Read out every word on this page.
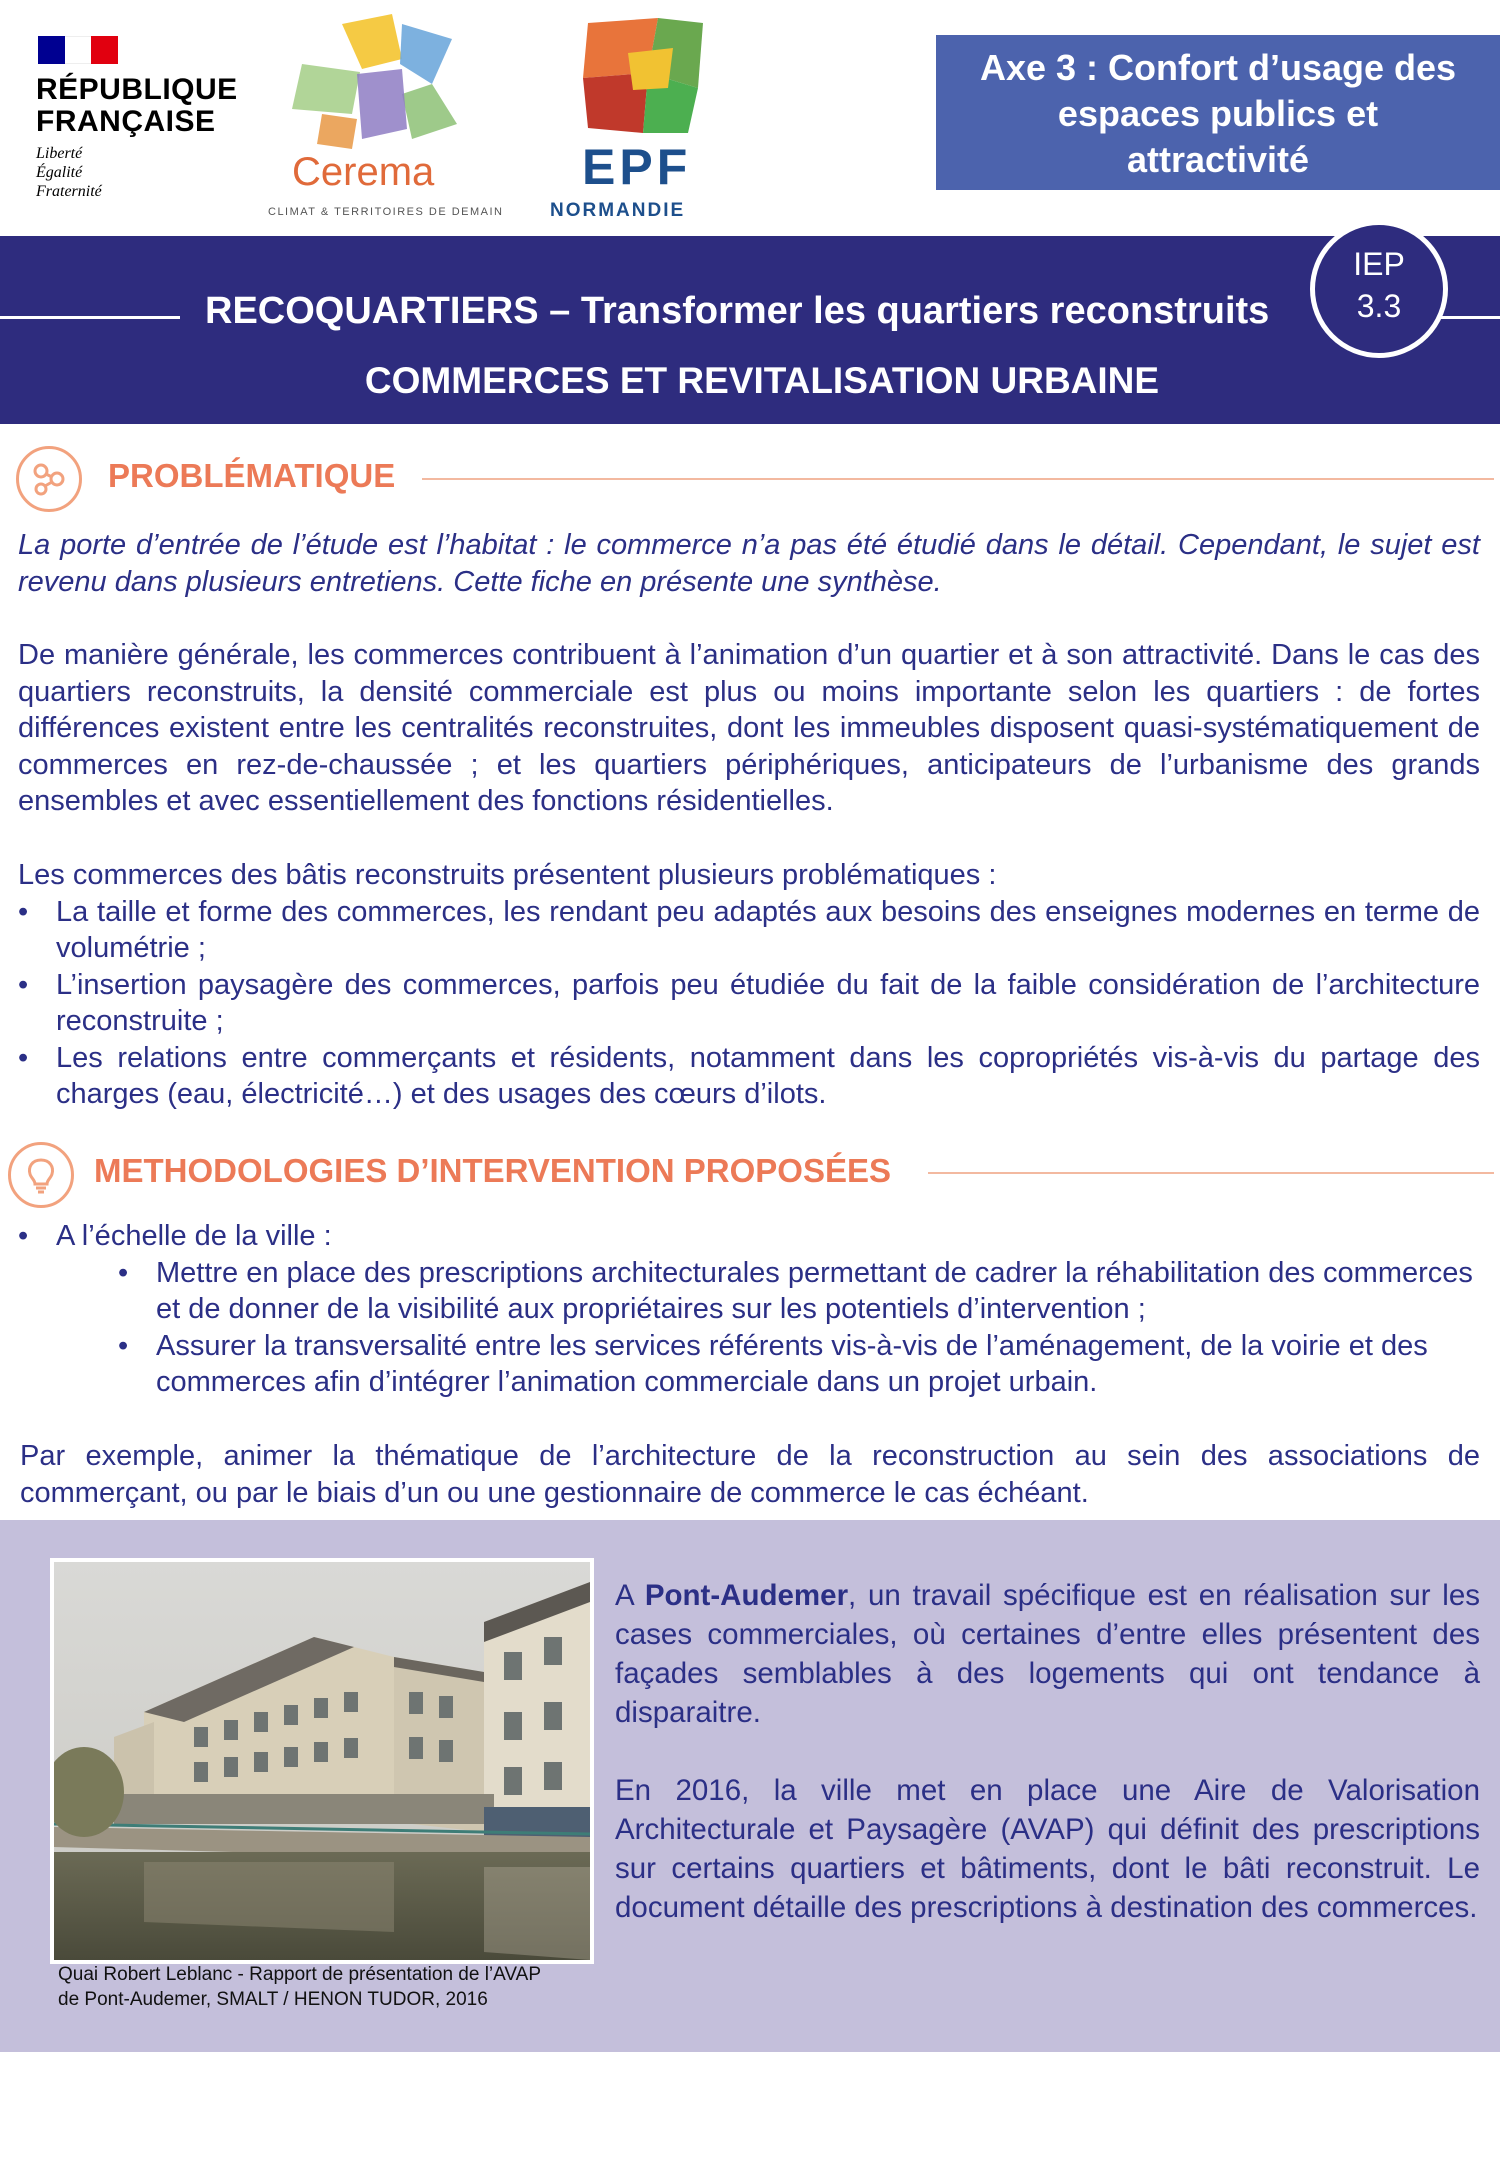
RÉPUBLIQUE
FRANÇAISE
Liberté
Égalité
Fraternité	Cerema
CLIMAT & TERRITOIRES DE DEMAIN
EPF
NORMANDIE
Axe 3 : Confort d’usage des
espaces publics et
attractivité
RECOQUARTIERS – Transformer les quartiers reconstruits
COMMERCES ET REVITALISATION URBAINE
IEP
3.3
PROBLÉMATIQUE
La porte d’entrée de l’étude est l’habitat : le commerce n’a pas été étudié dans le détail. Cependant, le sujet est revenu dans plusieurs entretiens. Cette fiche en présente une synthèse.
De manière générale, les commerces contribuent à l’animation d’un quartier et à son attractivité. Dans le cas des quartiers reconstruits, la densité commerciale est plus ou moins importante selon les quartiers : de fortes différences existent entre les centralités reconstruites, dont les immeubles disposent quasi-systématiquement de commerces en rez-de-chaussée ; et les quartiers périphériques, anticipateurs de l’urbanisme des grands ensembles et avec essentiellement des fonctions résidentielles.
Les commerces des bâtis reconstruits présentent plusieurs problématiques :
• La taille et forme des commerces, les rendant peu adaptés aux besoins des enseignes modernes en terme de volumétrie ;
• L’insertion paysagère des commerces, parfois peu étudiée du fait de la faible considération de l’architecture reconstruite ;
• Les relations entre commerçants et résidents, notamment dans les copropriétés vis-à-vis du partage des charges (eau, électricité…) et des usages des cœurs d’ilots.
METHODOLOGIES D’INTERVENTION PROPOSÉES
• A l’échelle de la ville :
• Mettre en place des prescriptions architecturales permettant de cadrer la réhabilitation des commerces et de donner de la visibilité aux propriétaires sur les potentiels d’intervention ;
• Assurer la transversalité entre les services référents vis-à-vis de l’aménagement, de la voirie et des commerces afin d’intégrer l’animation commerciale dans un projet urbain.
Par exemple, animer la thématique de l’architecture de la reconstruction au sein des associations de commerçant, ou par le biais d’un ou une gestionnaire de commerce le cas échéant.
Quai Robert Leblanc - Rapport de présentation de l’AVAP
de Pont-Audemer, SMALT / HENON TUDOR, 2016

A Pont-Audemer, un travail spécifique est en réalisation sur les cases commerciales, où certaines d’entre elles présentent des façades semblables à des logements qui ont tendance à disparaitre.

En 2016, la ville met en place une Aire de Valorisation Architecturale et Paysagère (AVAP) qui définit des prescriptions sur certains quartiers et bâtiments, dont le bâti reconstruit. Le document détaille des prescriptions à destination des commerces.
